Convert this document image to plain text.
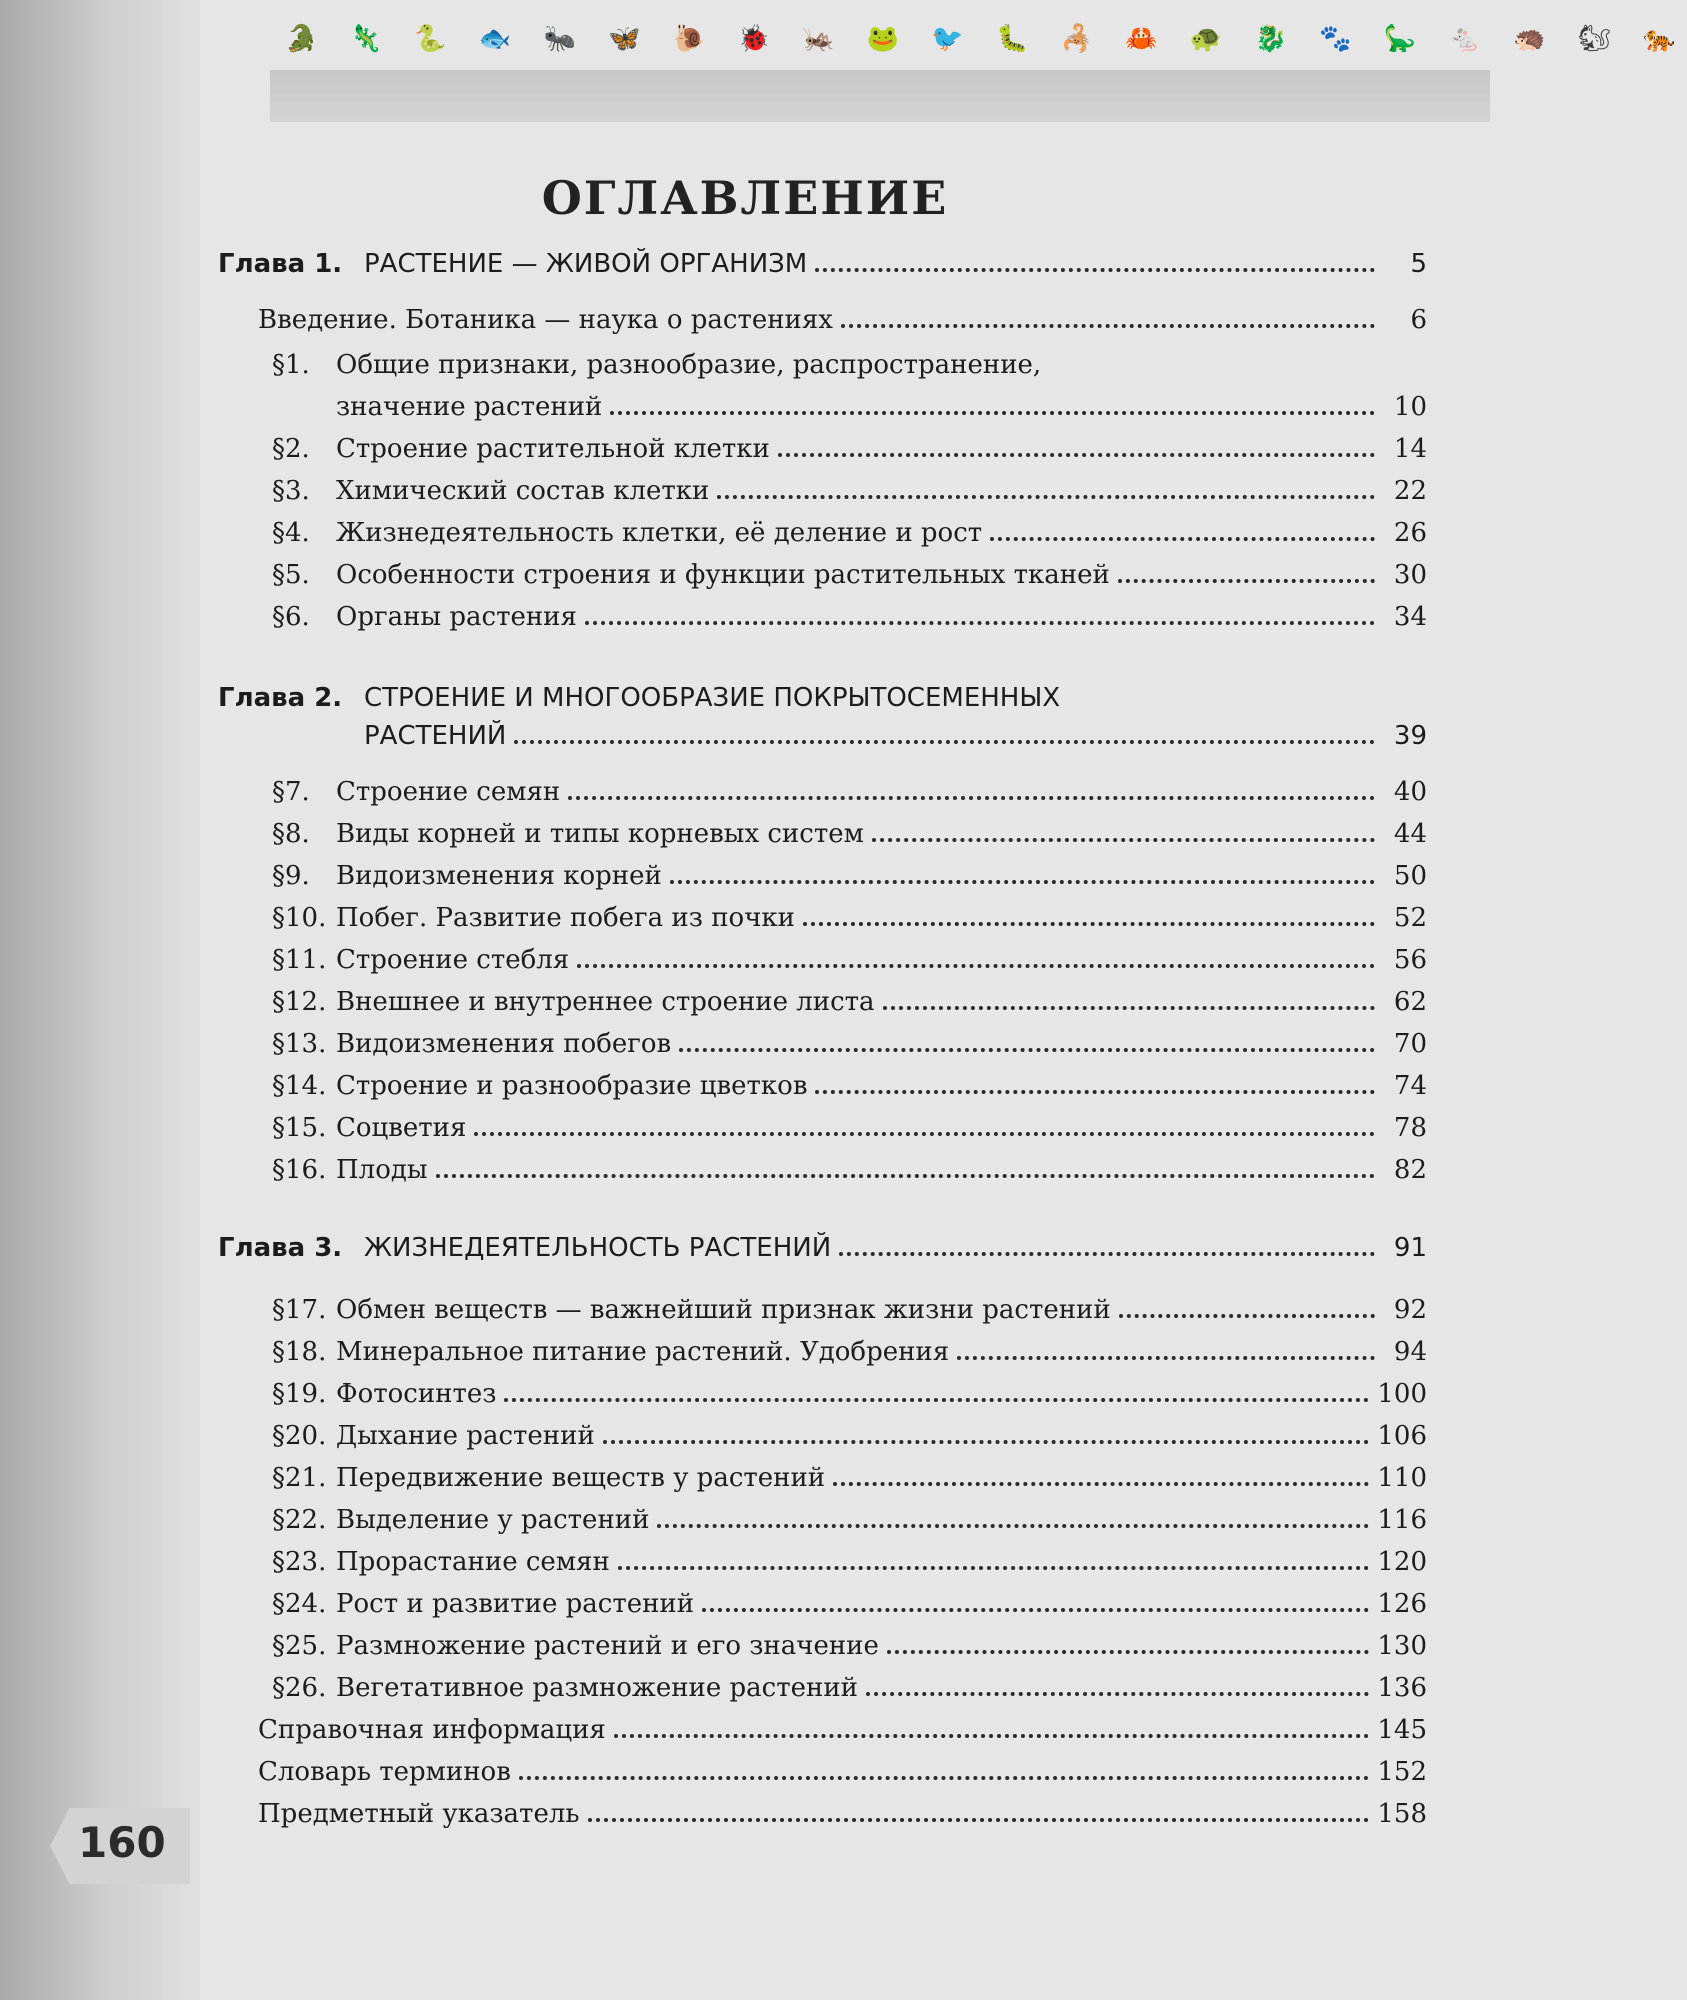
🐊 🦎 🐍 🐟 🐜 🦋 🐌 🐞 🦗 🐸 🐦 🐛 🦂 🦀 🐢 🐉 🐾 🦕 🐁 🦔 🐿 🐅
ОГЛАВЛЕНИЕ
Глава 1. РАСТЕНИЕ — ЖИВОЙ ОРГАНИЗМ	5
Введение. Ботаника — наука о растениях	6
§1.	Общие признаки, разнообразие, распространение,
значение растений	10
§2.	Строение растительной клетки	14
§3.	Химический состав клетки	22
§4.	Жизнедеятельность клетки, её деление и рост	26
§5.	Особенности строения и функции растительных тканей	30
§6.	Органы растения	34
Глава 2. СТРОЕНИЕ И МНОГООБРАЗИЕ ПОКРЫТОСЕМЕННЫХ
РАСТЕНИЙ	39
§7.	Строение семян	40
§8.	Виды корней и типы корневых систем	44
§9.	Видоизменения корней	50
§10. Побег. Развитие побега из почки	52
§11. Строение стебля	56
§12. Внешнее и внутреннее строение листа	62
§13. Видоизменения побегов	70
§14. Строение и разнообразие цветков	74
§15. Соцветия	78
§16. Плоды	82
Глава 3. ЖИЗНЕДЕЯТЕЛЬНОСТЬ РАСТЕНИЙ	91
§17. Обмен веществ — важнейший признак жизни растений	92
§18. Минеральное питание растений. Удобрения	94
§19. Фотосинтез	100
§20. Дыхание растений	106
§21. Передвижение веществ у растений	110
§22. Выделение у растений	116
§23. Прорастание семян	120
§24. Рост и развитие растений	126
§25. Размножение растений и его значение	130
§26. Вегетативное размножение растений	136
Справочная информация	145
Словарь терминов	152
Предметный указатель	158
160
